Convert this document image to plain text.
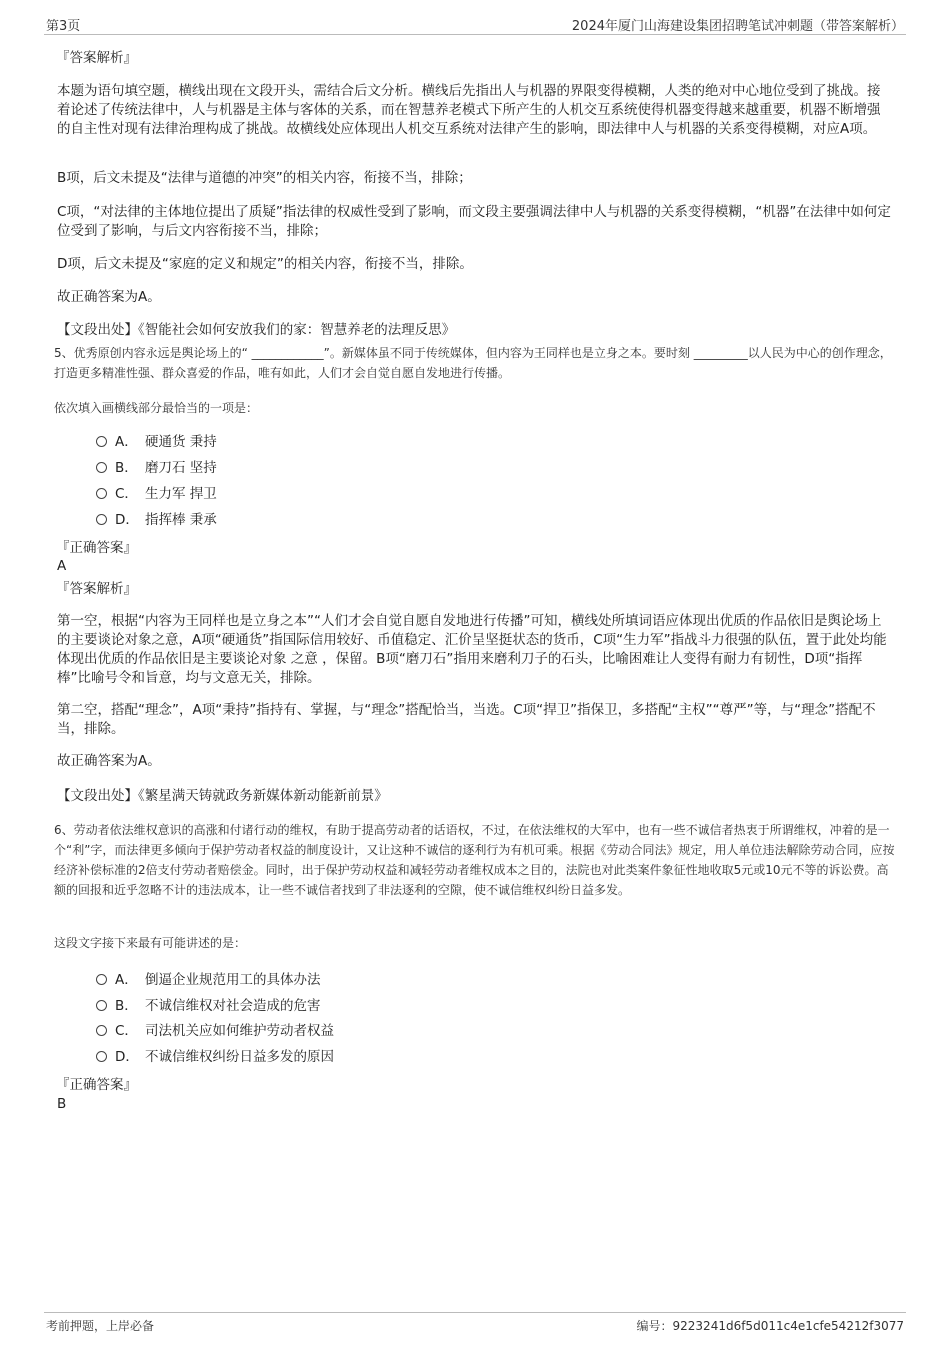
第3页	2024年厦门山海建设集团招聘笔试冲刺题（带答案解析）

『答案解析』

本题为语句填空题，横线出现在文段开头，需结合后文分析。横线后先指出人与机器的界限变得模糊，人类的绝对中心地位受到了挑战。接着论述了传统法律中，人与机器是主体与客体的关系，而在智慧养老模式下所产生的人机交互系统使得机器变得越来越重要，机器不断增强的自主性对现有法律治理构成了挑战。故横线处应体现出人机交互系统对法律产生的影响，即法律中人与机器的关系变得模糊，对应A项。

B项，后文未提及“法律与道德的冲突”的相关内容，衔接不当，排除；

C项，“对法律的主体地位提出了质疑”指法律的权威性受到了影响，而文段主要强调法律中人与机器的关系变得模糊，“机器”在法律中如何定位受到了影响，与后文内容衔接不当，排除；

D项，后文未提及“家庭的定义和规定”的相关内容，衔接不当，排除。

故正确答案为A。

【文段出处】《智能社会如何安放我们的家：智慧养老的法理反思》

5、优秀原创内容永远是舆论场上的“ ____________”。新媒体虽不同于传统媒体，但内容为王同样也是立身之本。要时刻 _________以人民为中心的创作理念，打造更多精准性强、群众喜爱的作品，唯有如此，人们才会自觉自愿自发地进行传播。

依次填入画横线部分最恰当的一项是：

A． 硬通货 秉持
B． 磨刀石 坚持
C． 生力军 捍卫
D． 指挥棒 秉承

『正确答案』

A

『答案解析』

第一空，根据“内容为王同样也是立身之本”“人们才会自觉自愿自发地进行传播”可知，横线处所填词语应体现出优质的作品依旧是舆论场上的主要谈论对象之意，A项“硬通货”指国际信用较好、币值稳定、汇价呈坚挺状态的货币，C项“生力军”指战斗力很强的队伍，置于此处均能体现出优质的作品依旧是主要谈论对象 之意 ，保留。B项“磨刀石”指用来磨利刀子的石头，比喻困难让人变得有耐力有韧性，D项“指挥棒”比喻号令和旨意，均与文意无关，排除。

第二空，搭配“理念”，A项“秉持”指持有、掌握，与“理念”搭配恰当，当选。C项“捍卫”指保卫，多搭配“主权”“尊严”等，与“理念”搭配不当，排除。

故正确答案为A。

【文段出处】《繁星满天铸就政务新媒体新动能新前景》

6、劳动者依法维权意识的高涨和付诸行动的维权，有助于提高劳动者的话语权，不过，在依法维权的大军中，也有一些不诚信者热衷于所谓维权，冲着的是一个“利”字，而法律更多倾向于保护劳动者权益的制度设计，又让这种不诚信的逐利行为有机可乘。根据《劳动合同法》规定，用人单位违法解除劳动合同，应按经济补偿标准的2倍支付劳动者赔偿金。同时，出于保护劳动权益和减轻劳动者维权成本之目的，法院也对此类案件象征性地收取5元或10元不等的诉讼费。高额的回报和近乎忽略不计的违法成本，让一些不诚信者找到了非法逐利的空隙，使不诚信维权纠纷日益多发。

这段文字接下来最有可能讲述的是：

A． 倒逼企业规范用工的具体办法
B． 不诚信维权对社会造成的危害
C． 司法机关应如何维护劳动者权益
D． 不诚信维权纠纷日益多发的原因

『正确答案』

B

考前押题，上岸必备	编号：9223241d6f5d011c4e1cfe54212f3077
